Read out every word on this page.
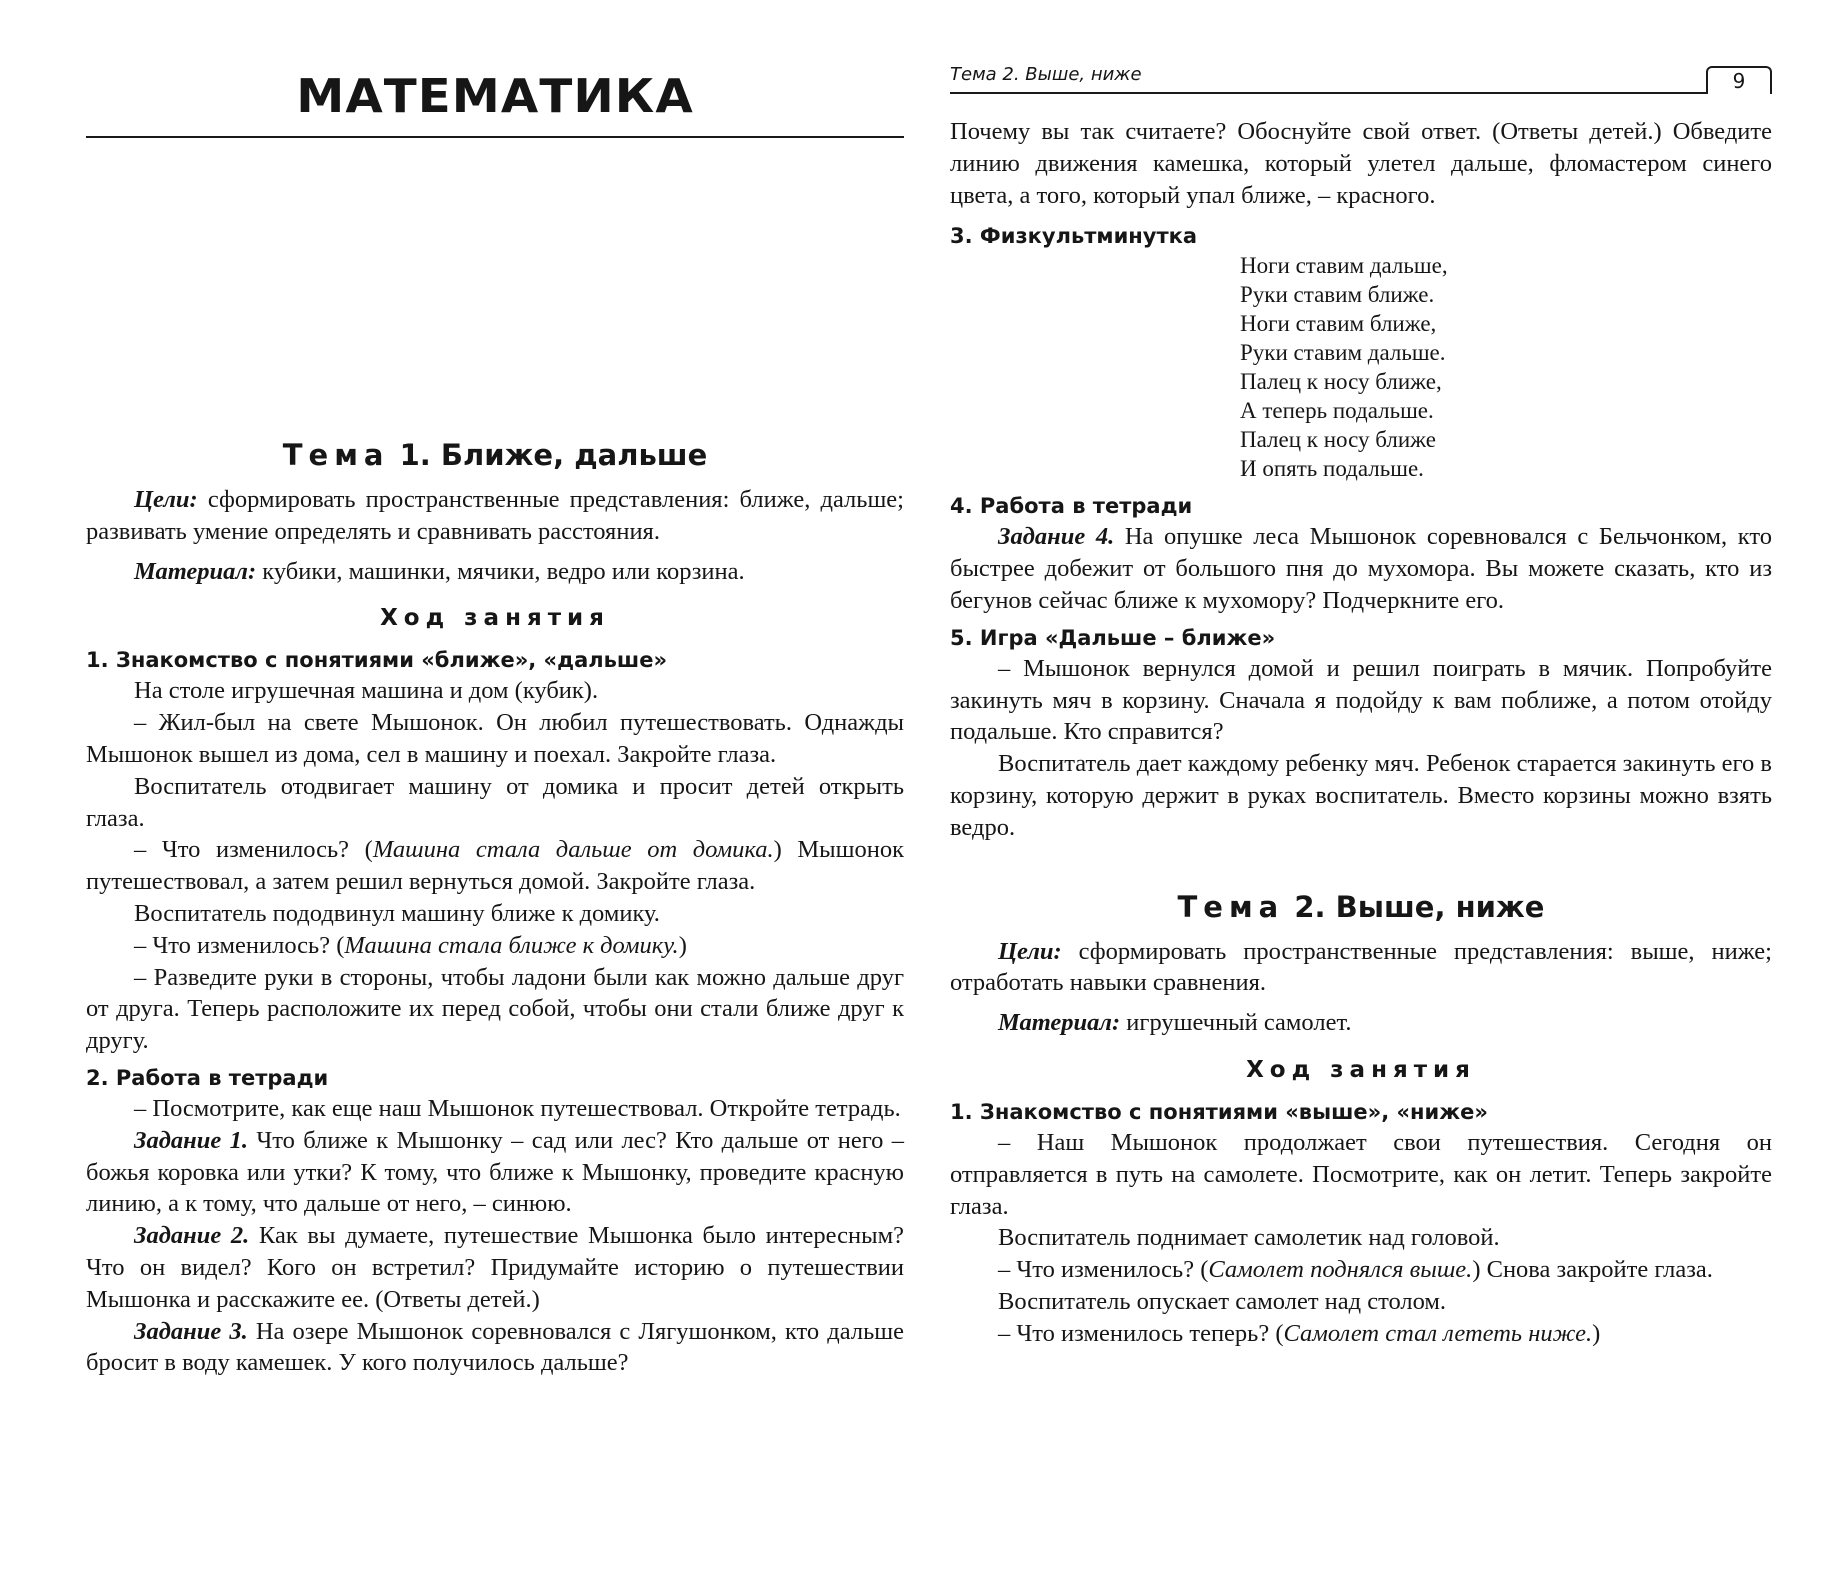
МАТЕМАТИКА
Тема 1. Ближе, дальше

Цели: сформировать пространственные представления: ближе, дальше; развивать умение определять и сравнивать расстояния.

Материал: кубики, машинки, мячики, ведро или корзина.

Ход занятия
1. Знакомство с понятиями «ближе», «дальше»

На столе игрушечная машина и дом (кубик).

– Жил-был на свете Мышонок. Он любил путешествовать. Однажды Мышонок вышел из дома, сел в машину и поехал. Закройте глаза.

Воспитатель отодвигает машину от домика и просит детей открыть глаза.

– Что изменилось? (Машина стала дальше от домика.) Мышонок путешествовал, а затем решил вернуться домой. Закройте глаза.

Воспитатель пододвинул машину ближе к домику.

– Что изменилось? (Машина стала ближе к домику.)

– Разведите руки в стороны, чтобы ладони были как можно дальше друг от друга. Теперь расположите их перед собой, чтобы они стали ближе друг к другу.

2. Работа в тетради

– Посмотрите, как еще наш Мышонок путешествовал. Откройте тетрадь.

Задание 1. Что ближе к Мышонку – сад или лес? Кто дальше от него – божья коровка или утки? К тому, что ближе к Мышонку, проведите красную линию, а к тому, что дальше от него, – синюю.

Задание 2. Как вы думаете, путешествие Мышонка было интересным? Что он видел? Кого он встретил? Придумайте историю о путешествии Мышонка и расскажите ее. (Ответы детей.)

Задание 3. На озере Мышонок соревновался с Лягушонком, кто дальше бросит в воду камешек. У кого получилось дальше?

Тема 2. Выше, ниже	9

Почему вы так считаете? Обоснуйте свой ответ. (Ответы детей.) Обведите линию движения камешка, который улетел дальше, фломастером синего цвета, а того, который упал ближе, – красного.

3. Физкультминутка
Ноги ставим дальше,
Руки ставим ближе.
Ноги ставим ближе,
Руки ставим дальше.
Палец к носу ближе,
А теперь подальше.
Палец к носу ближе
И опять подальше.
4. Работа в тетради

Задание 4. На опушке леса Мышонок соревновался с Бельчонком, кто быстрее добежит от большого пня до мухомора. Вы можете сказать, кто из бегунов сейчас ближе к мухомору? Подчеркните его.

5. Игра «Дальше – ближе»

– Мышонок вернулся домой и решил поиграть в мячик. Попробуйте закинуть мяч в корзину. Сначала я подойду к вам поближе, а потом отойду подальше. Кто справится?

Воспитатель дает каждому ребенку мяч. Ребенок старается закинуть его в корзину, которую держит в руках воспитатель. Вместо корзины можно взять ведро.

Тема 2. Выше, ниже

Цели: сформировать пространственные представления: выше, ниже; отработать навыки сравнения.

Материал: игрушечный самолет.

Ход занятия
1. Знакомство с понятиями «выше», «ниже»

– Наш Мышонок продолжает свои путешествия. Сегодня он отправляется в путь на самолете. Посмотрите, как он летит. Теперь закройте глаза.

Воспитатель поднимает самолетик над головой.

– Что изменилось? (Самолет поднялся выше.) Снова закройте глаза.

Воспитатель опускает самолет над столом.

– Что изменилось теперь? (Самолет стал лететь ниже.)
